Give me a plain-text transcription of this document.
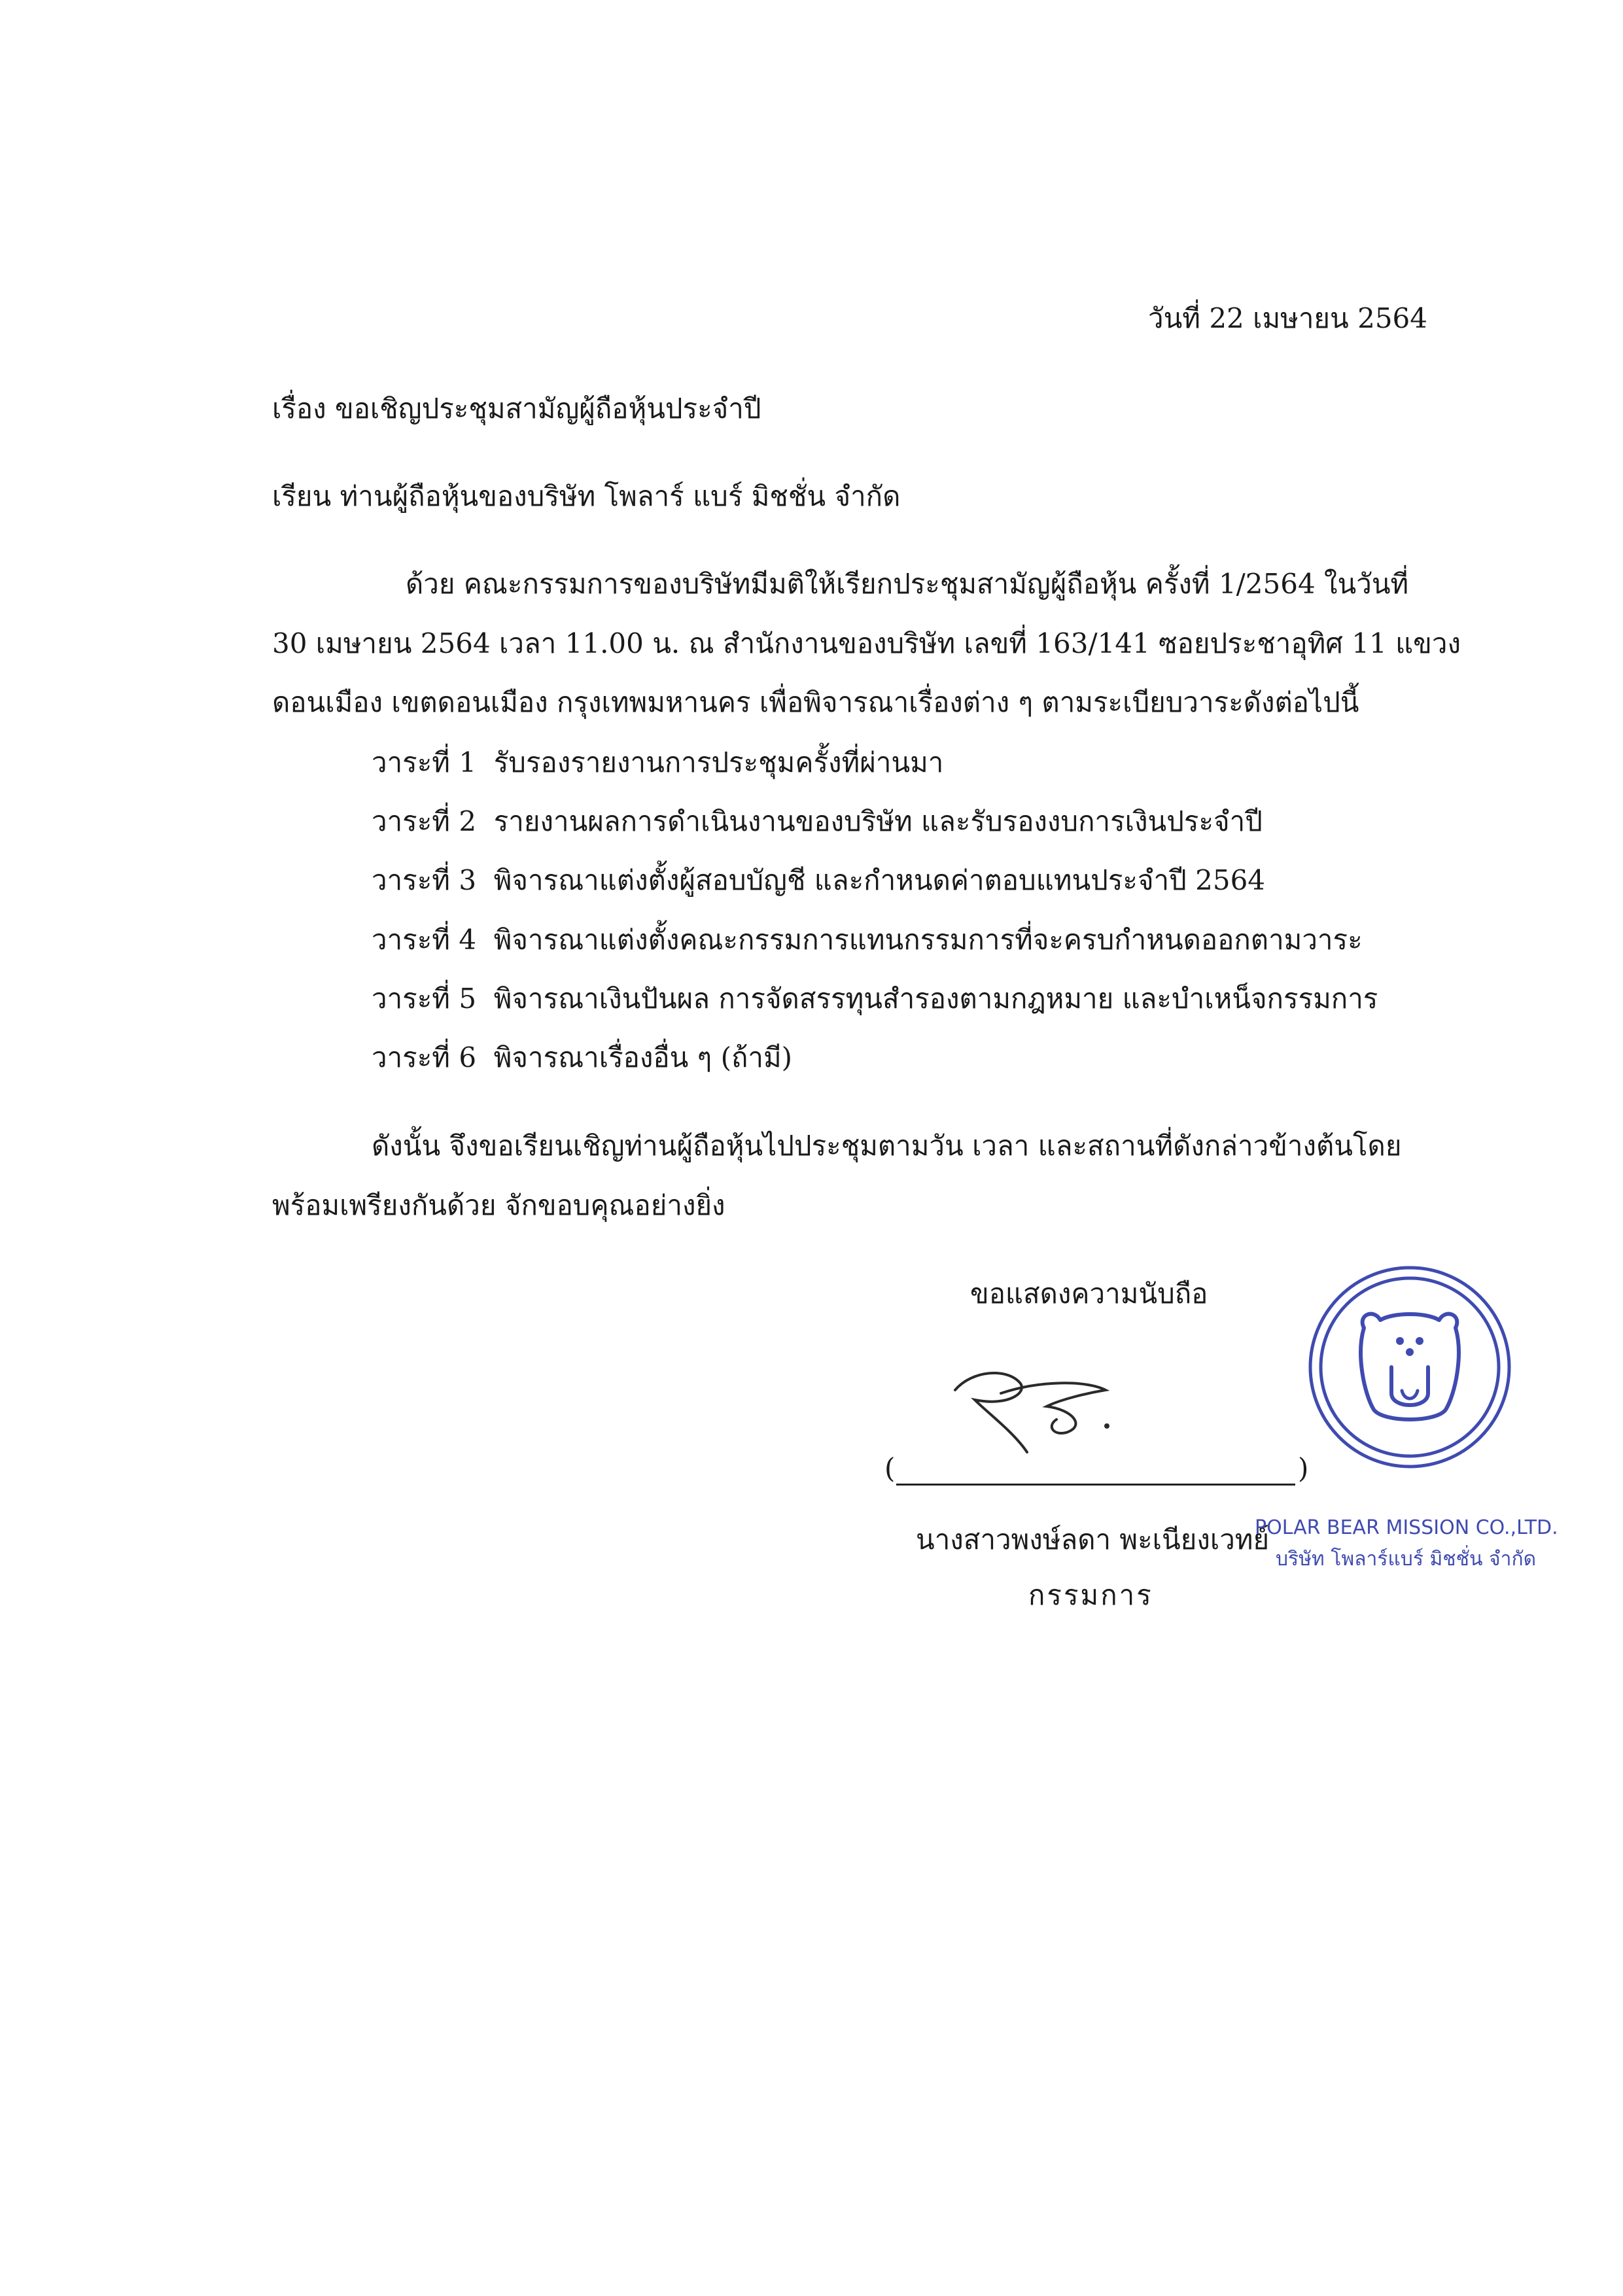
วันที่ 22 เมษายน 2564
เรื่อง ขอเชิญประชุมสามัญผู้ถือหุ้นประจำปี
เรียน ท่านผู้ถือหุ้นของบริษัท โพลาร์ แบร์ มิชชั่น จำกัด
ด้วย คณะกรรมการของบริษัทมีมติให้เรียกประชุมสามัญผู้ถือหุ้น ครั้งที่ 1/2564 ในวันที่
30 เมษายน 2564 เวลา 11.00 น. ณ สำนักงานของบริษัท เลขที่ 163/141 ซอยประชาอุทิศ 11 แขวง
ดอนเมือง เขตดอนเมือง กรุงเทพมหานคร เพื่อพิจารณาเรื่องต่าง ๆ ตามระเบียบวาระดังต่อไปนี้
วาระที่ 1 รับรองรายงานการประชุมครั้งที่ผ่านมา
วาระที่ 2 รายงานผลการดำเนินงานของบริษัท และรับรองงบการเงินประจำปี
วาระที่ 3 พิจารณาแต่งตั้งผู้สอบบัญชี และกำหนดค่าตอบแทนประจำปี 2564
วาระที่ 4 พิจารณาแต่งตั้งคณะกรรมการแทนกรรมการที่จะครบกำหนดออกตามวาระ
วาระที่ 5 พิจารณาเงินปันผล การจัดสรรทุนสำรองตามกฎหมาย และบำเหน็จกรรมการ
วาระที่ 6 พิจารณาเรื่องอื่น ๆ (ถ้ามี)
ดังนั้น จึงขอเรียนเชิญท่านผู้ถือหุ้นไปประชุมตามวัน เวลา และสถานที่ดังกล่าวข้างต้นโดย
พร้อมเพรียงกันด้วย จักขอบคุณอย่างยิ่ง
ขอแสดงความนับถือ
(	)
นางสาวพงษ์ลดา พะเนียงเวทย์
กรรมการ
POLAR BEAR MISSION CO.,LTD.
บริษัท โพลาร์แบร์ มิชชั่น จำกัด
